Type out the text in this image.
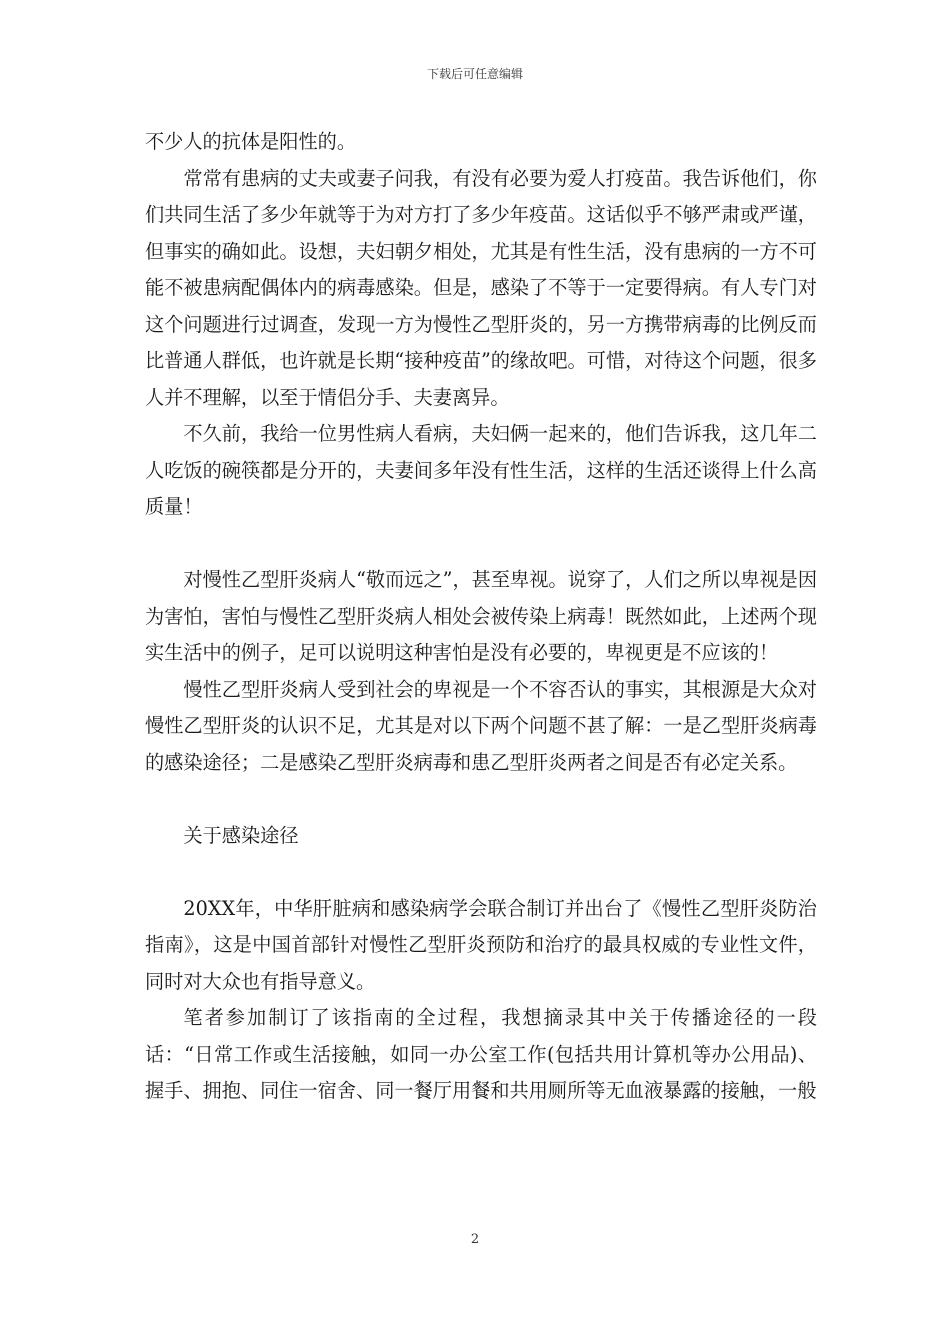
下载后可任意编辑

不少人的抗体是阳性的。

常常有患病的丈夫或妻子问我，有没有必要为爱人打疫苗。我告诉他们，你们共同生活了多少年就等于为对方打了多少年疫苗。这话似乎不够严肃或严谨，但事实的确如此。设想，夫妇朝夕相处，尤其是有性生活，没有患病的一方不可能不被患病配偶体内的病毒感染。但是，感染了不等于一定要得病。有人专门对这个问题进行过调查，发现一方为慢性乙型肝炎的，另一方携带病毒的比例反而比普通人群低，也许就是长期“接种疫苗”的缘故吧。可惜，对待这个问题，很多人并不理解，以至于情侣分手、夫妻离异。

不久前，我给一位男性病人看病，夫妇俩一起来的，他们告诉我，这几年二人吃饭的碗筷都是分开的，夫妻间多年没有性生活，这样的生活还谈得上什么高质量！

对慢性乙型肝炎病人“敬而远之”，甚至卑视。说穿了，人们之所以卑视是因为害怕，害怕与慢性乙型肝炎病人相处会被传染上病毒！既然如此，上述两个现实生活中的例子，足可以说明这种害怕是没有必要的，卑视更是不应该的！

慢性乙型肝炎病人受到社会的卑视是一个不容否认的事实，其根源是大众对慢性乙型肝炎的认识不足，尤其是对以下两个问题不甚了解：一是乙型肝炎病毒的感染途径；二是感染乙型肝炎病毒和患乙型肝炎两者之间是否有必定关系。

关于感染途径

20XX年，中华肝脏病和感染病学会联合制订并出台了《慢性乙型肝炎防治指南》，这是中国首部针对慢性乙型肝炎预防和治疗的最具权威的专业性文件，同时对大众也有指导意义。

笔者参加制订了该指南的全过程，我想摘录其中关于传播途径的一段话：“日常工作或生活接触，如同一办公室工作(包括共用计算机等办公用品)、握手、拥抱、同住一宿舍、同一餐厅用餐和共用厕所等无血液暴露的接触，一般

2
